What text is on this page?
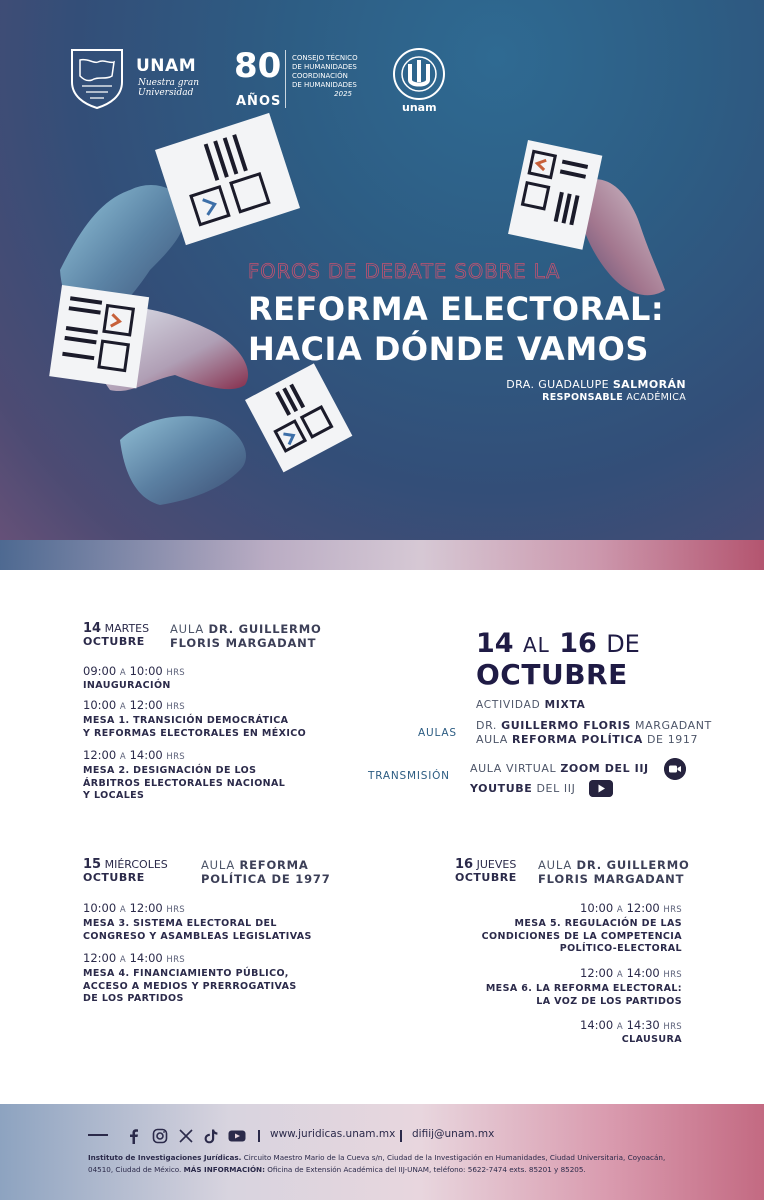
UNAM
Nuestra gran Universidad
80
AÑOS
CONSEJO TÉCNICO
DE HUMANIDADES
COORDINACIÓN
DE HUMANIDADES

2025
unam
FOROS DE DEBATE SOBRE LA
REFORMA ELECTORAL:
HACIA DÓNDE VAMOS
DRA. GUADALUPE SALMORÁN
RESPONSABLE ACADÉMICA
14 MARTES
OCTUBRE
AULA DR. GUILLERMO
FLORIS MARGADANT
09:00 A 10:00 HRS
INAUGURACIÓN
10:00 A 12:00 HRS
MESA 1. TRANSICIÓN DEMOCRÁTICA
Y REFORMAS ELECTORALES EN MÉXICO
12:00 A 14:00 HRS
MESA 2. DESIGNACIÓN DE LOS
ÁRBITROS ELECTORALES NACIONAL
Y LOCALES
14 AL 16 DE
OCTUBRE
ACTIVIDAD MIXTA
AULAS
DR. GUILLERMO FLORIS MARGADANT
AULA REFORMA POLÍTICA DE 1917
TRANSMISIÓN
AULA VIRTUAL ZOOM DEL IIJ
YOUTUBE DEL IIJ
15 MIÉRCOLES
OCTUBRE
AULA REFORMA
POLÍTICA DE 1977
10:00 A 12:00 HRS
MESA 3. SISTEMA ELECTORAL DEL
CONGRESO Y ASAMBLEAS LEGISLATIVAS
12:00 A 14:00 HRS
MESA 4. FINANCIAMIENTO PÚBLICO,
ACCESO A MEDIOS Y PRERROGATIVAS
DE LOS PARTIDOS
16 JUEVES
OCTUBRE
AULA DR. GUILLERMO
FLORIS MARGADANT
10:00 A 12:00 HRS
MESA 5. REGULACIÓN DE LAS
CONDICIONES DE LA COMPETENCIA
POLÍTICO-ELECTORAL
12:00 A 14:00 HRS
MESA 6. LA REFORMA ELECTORAL:
LA VOZ DE LOS PARTIDOS
14:00 A 14:30 HRS
CLAUSURA
www.juridicas.unam.mx difiij@unam.mx
Instituto de Investigaciones Jurídicas. Circuito Maestro Mario de la Cueva s/n, Ciudad de la Investigación en Humanidades, Ciudad Universitaria, Coyoacán, 04510, Ciudad de México. MÁS INFORMACIÓN: Oficina de Extensión Académica del IIJ-UNAM, teléfono: 5622-7474 exts. 85201 y 85205.
